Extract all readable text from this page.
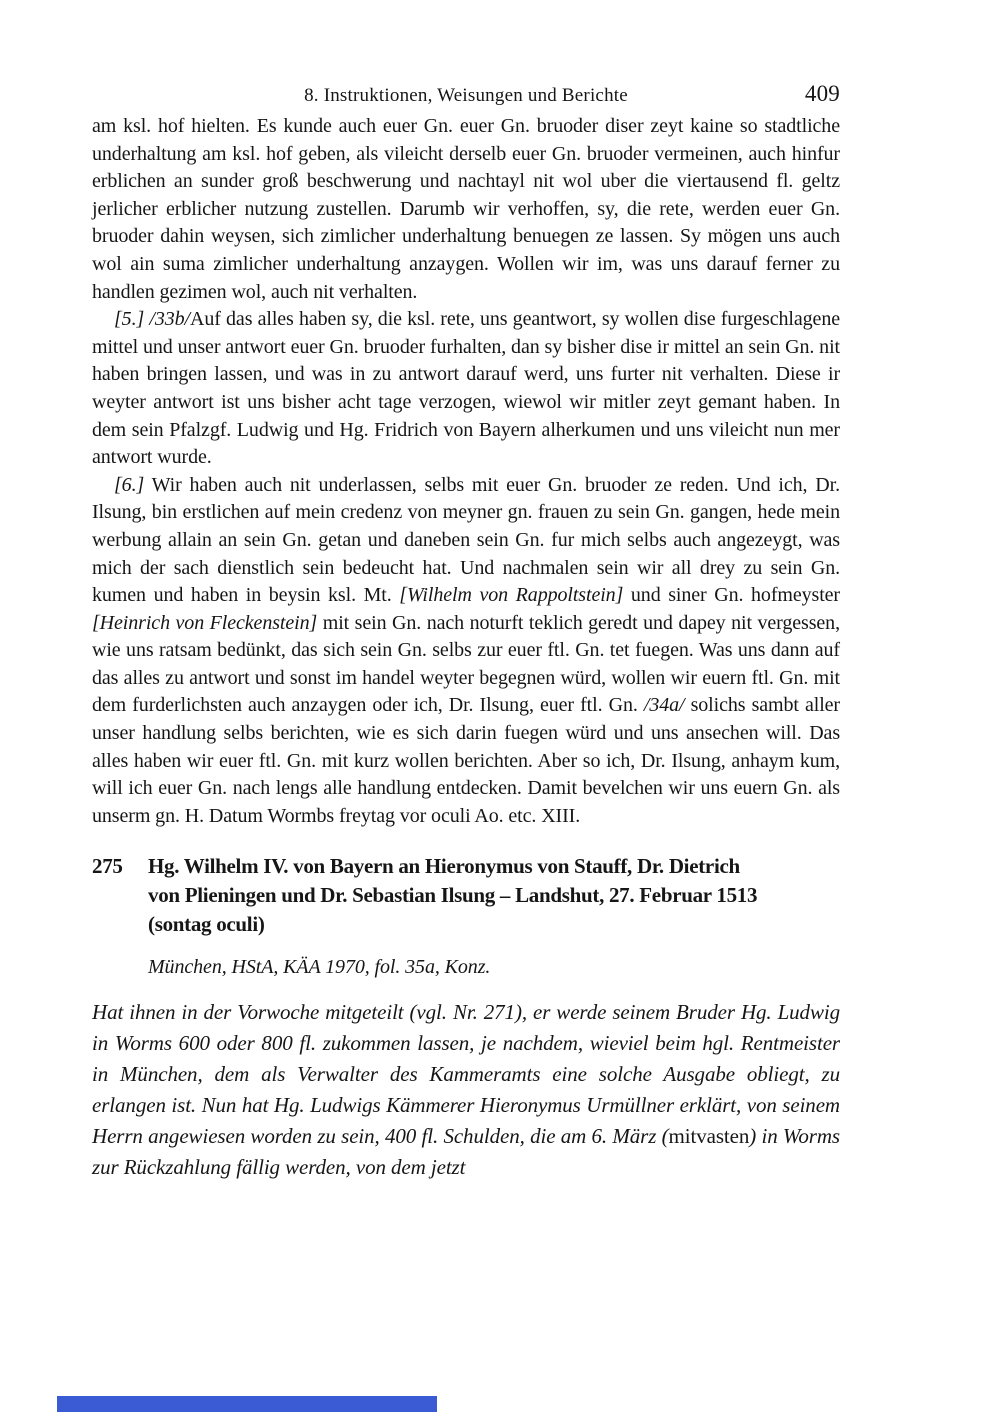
8. Instruktionen, Weisungen und Berichte	409

am ksl. hof hielten. Es kunde auch euer Gn. euer Gn. bruoder diser zeyt kaine so stadtliche underhaltung am ksl. hof geben, als vileicht derselb euer Gn. bruoder vermeinen, auch hinfur erblichen an sunder groß beschwerung und nachtayl nit wol uber die viertausend fl. geltz jerlicher erblicher nutzung zustellen. Darumb wir verhoffen, sy, die rete, werden euer Gn. bruoder dahin weysen, sich zimlicher underhaltung benuegen ze lassen. Sy mögen uns auch wol ain suma zimlicher underhaltung anzaygen. Wollen wir im, was uns darauf ferner zu handlen gezimen wol, auch nit verhalten.

[5.] /33b/Auf das alles haben sy, die ksl. rete, uns geantwort, sy wollen dise furgeschlagene mittel und unser antwort euer Gn. bruoder furhalten, dan sy bisher dise ir mittel an sein Gn. nit haben bringen lassen, und was in zu antwort darauf werd, uns furter nit verhalten. Diese ir weyter antwort ist uns bisher acht tage verzogen, wiewol wir mitler zeyt gemant haben. In dem sein Pfalzgf. Ludwig und Hg. Fridrich von Bayern alherkumen und uns vileicht nun mer antwort wurde.

[6.] Wir haben auch nit underlassen, selbs mit euer Gn. bruoder ze reden. Und ich, Dr. Ilsung, bin erstlichen auf mein credenz von meyner gn. frauen zu sein Gn. gangen, hede mein werbung allain an sein Gn. getan und daneben sein Gn. fur mich selbs auch angezeygt, was mich der sach dienstlich sein bedeucht hat. Und nachmalen sein wir all drey zu sein Gn. kumen und haben in beysin ksl. Mt. [Wilhelm von Rappoltstein] und siner Gn. hofmeyster [Heinrich von Fleckenstein] mit sein Gn. nach noturft teklich geredt und dapey nit vergessen, wie uns ratsam bedünkt, das sich sein Gn. selbs zur euer ftl. Gn. tet fuegen. Was uns dann auf das alles zu antwort und sonst im handel weyter begegnen würd, wollen wir euern ftl. Gn. mit dem furderlichsten auch anzaygen oder ich, Dr. Ilsung, euer ftl. Gn. /34a/ solichs sambt aller unser handlung selbs berichten, wie es sich darin fuegen würd und uns ansechen will. Das alles haben wir euer ftl. Gn. mit kurz wollen berichten. Aber so ich, Dr. Ilsung, anhaym kum, will ich euer Gn. nach lengs alle handlung entdecken. Damit bevelchen wir uns euern Gn. als unserm gn. H. Datum Wormbs freytag vor oculi Ao. etc. XIII.

275	Hg. Wilhelm IV. von Bayern an Hieronymus von Stauff, Dr. Dietrich
von Plieningen und Dr. Sebastian Ilsung – Landshut, 27. Februar 1513
(sontag oculi)

München, HStA, KÄA 1970, fol. 35a, Konz.

Hat ihnen in der Vorwoche mitgeteilt (vgl. Nr. 271), er werde seinem Bruder Hg. Ludwig in Worms 600 oder 800 fl. zukommen lassen, je nachdem, wieviel beim hgl. Rentmeister in München, dem als Verwalter des Kammeramts eine solche Ausgabe obliegt, zu erlangen ist. Nun hat Hg. Ludwigs Kämmerer Hieronymus Urmüllner erklärt, von seinem Herrn angewiesen worden zu sein, 400 fl. Schulden, die am 6. März (mitvasten) in Worms zur Rückzahlung fällig werden, von dem jetzt
